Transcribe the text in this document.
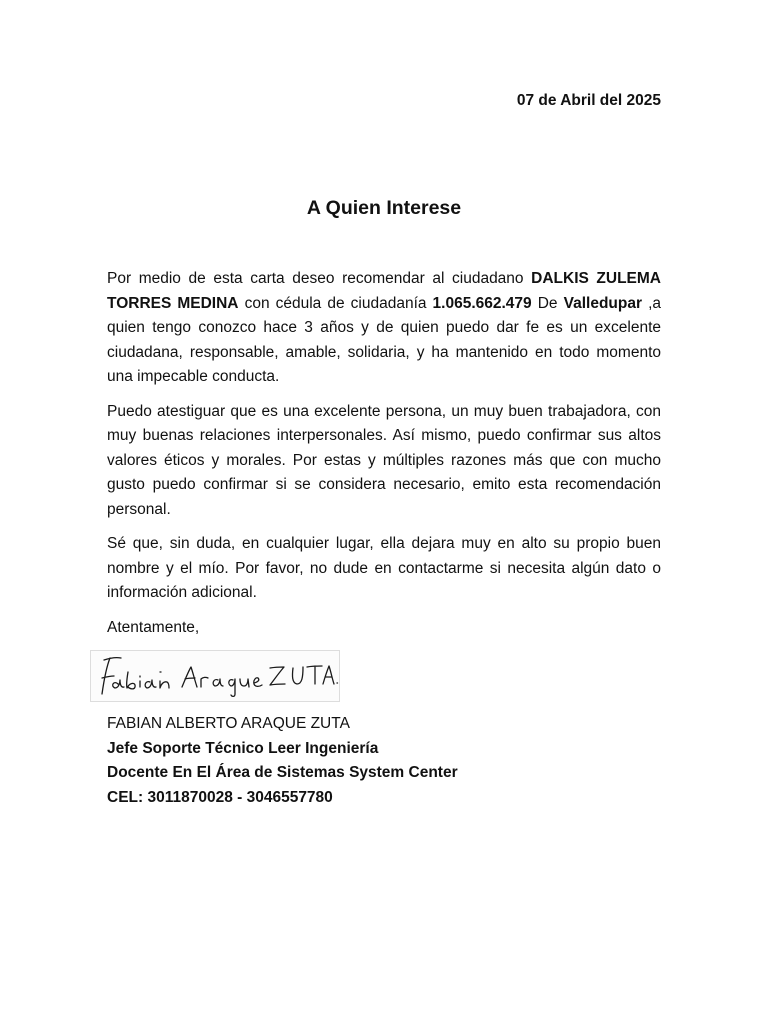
07 de Abril del 2025
A Quien Interese

Por medio de esta carta deseo recomendar al ciudadano DALKIS ZULEMA TORRES MEDINA con cédula de ciudadanía 1.065.662.479 De Valledupar ,a quien tengo conozco hace 3 años y de quien puedo dar fe es un excelente ciudadana, responsable, amable, solidaria, y ha mantenido en todo momento una impecable conducta.

Puedo atestiguar que es una excelente persona, un muy buen trabajadora, con muy buenas relaciones interpersonales. Así mismo, puedo confirmar sus altos valores éticos y morales. Por estas y múltiples razones más que con mucho gusto puedo confirmar si se considera necesario, emito esta recomendación personal.

Sé que, sin duda, en cualquier lugar, ella dejara muy en alto su propio buen nombre y el mío. Por favor, no dude en contactarme si necesita algún dato o información adicional.

Atentamente,

FABIAN ALBERTO ARAQUE ZUTA
Jefe Soporte Técnico Leer Ingeniería
Docente En El Área de Sistemas System Center
CEL: 3011870028 - 3046557780
